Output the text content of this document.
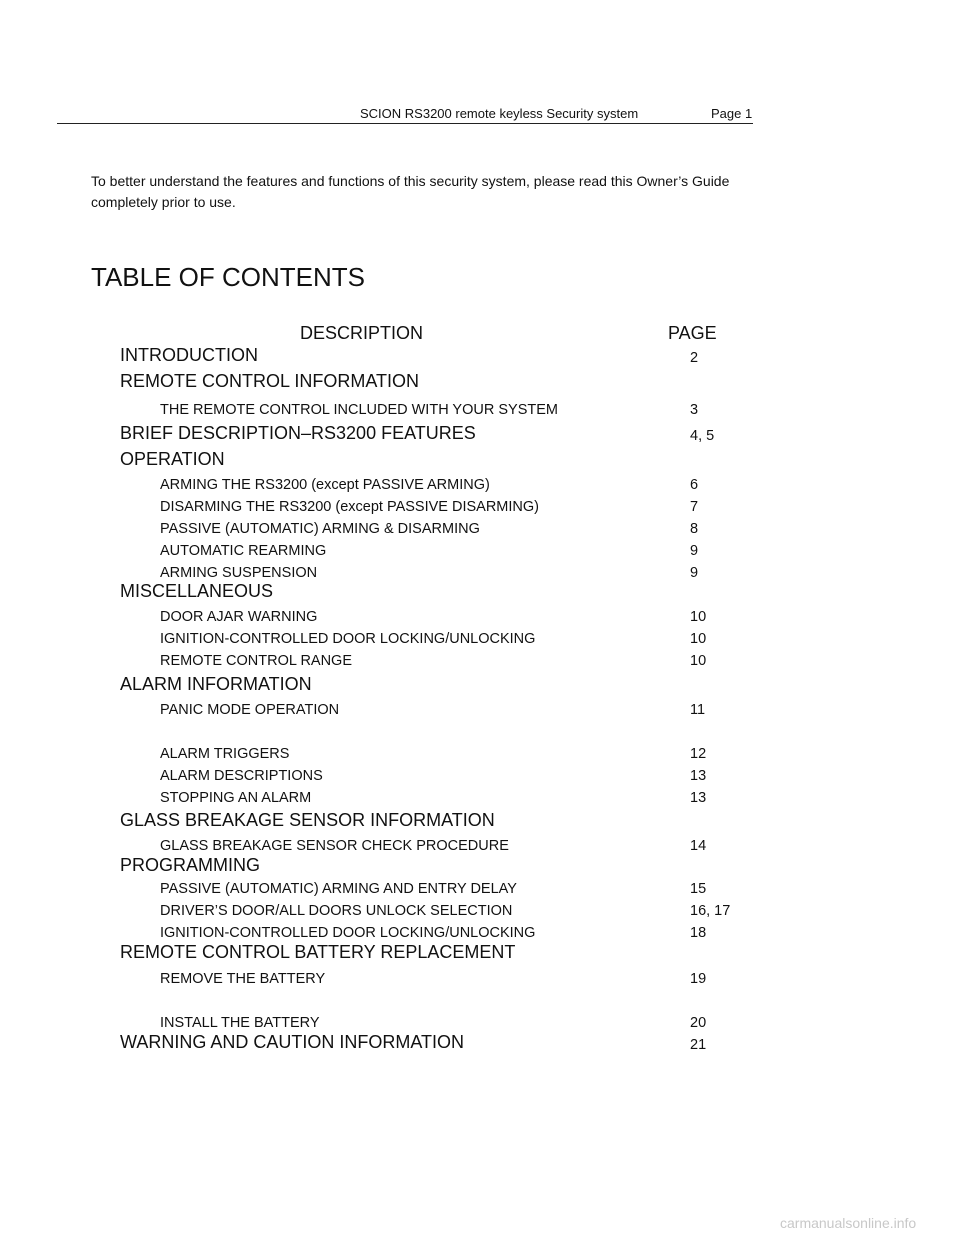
SCION RS3200 remote keyless Security system	Page 1
To better understand the features and functions of this security system, please read this Owner’s Guide completely prior to use.
TABLE OF CONTENTS
DESCRIPTION	PAGE
INTRODUCTION	2
REMOTE CONTROL INFORMATION
THE REMOTE CONTROL INCLUDED WITH YOUR SYSTEM	3
BRIEF DESCRIPTION–RS3200 FEATURES	4, 5
OPERATION
ARMING THE RS3200 (except PASSIVE ARMING)	6
DISARMING THE RS3200 (except PASSIVE DISARMING)	7
PASSIVE (AUTOMATIC) ARMING & DISARMING	8
AUTOMATIC REARMING	9
ARMING SUSPENSION	9
MISCELLANEOUS
DOOR AJAR WARNING	10
IGNITION-CONTROLLED DOOR LOCKING/UNLOCKING	10
REMOTE CONTROL RANGE	10
ALARM INFORMATION
PANIC MODE OPERATION	11
ALARM TRIGGERS	12
ALARM DESCRIPTIONS	13
STOPPING AN ALARM	13
GLASS BREAKAGE SENSOR INFORMATION
GLASS BREAKAGE SENSOR CHECK PROCEDURE	14
PROGRAMMING
PASSIVE (AUTOMATIC) ARMING AND ENTRY DELAY	15
DRIVER’S DOOR/ALL DOORS UNLOCK SELECTION	16, 17
IGNITION-CONTROLLED DOOR LOCKING/UNLOCKING	18
REMOTE CONTROL BATTERY REPLACEMENT
REMOVE THE BATTERY	19
INSTALL THE BATTERY	20
WARNING AND CAUTION INFORMATION	21
carmanualsonline.info
